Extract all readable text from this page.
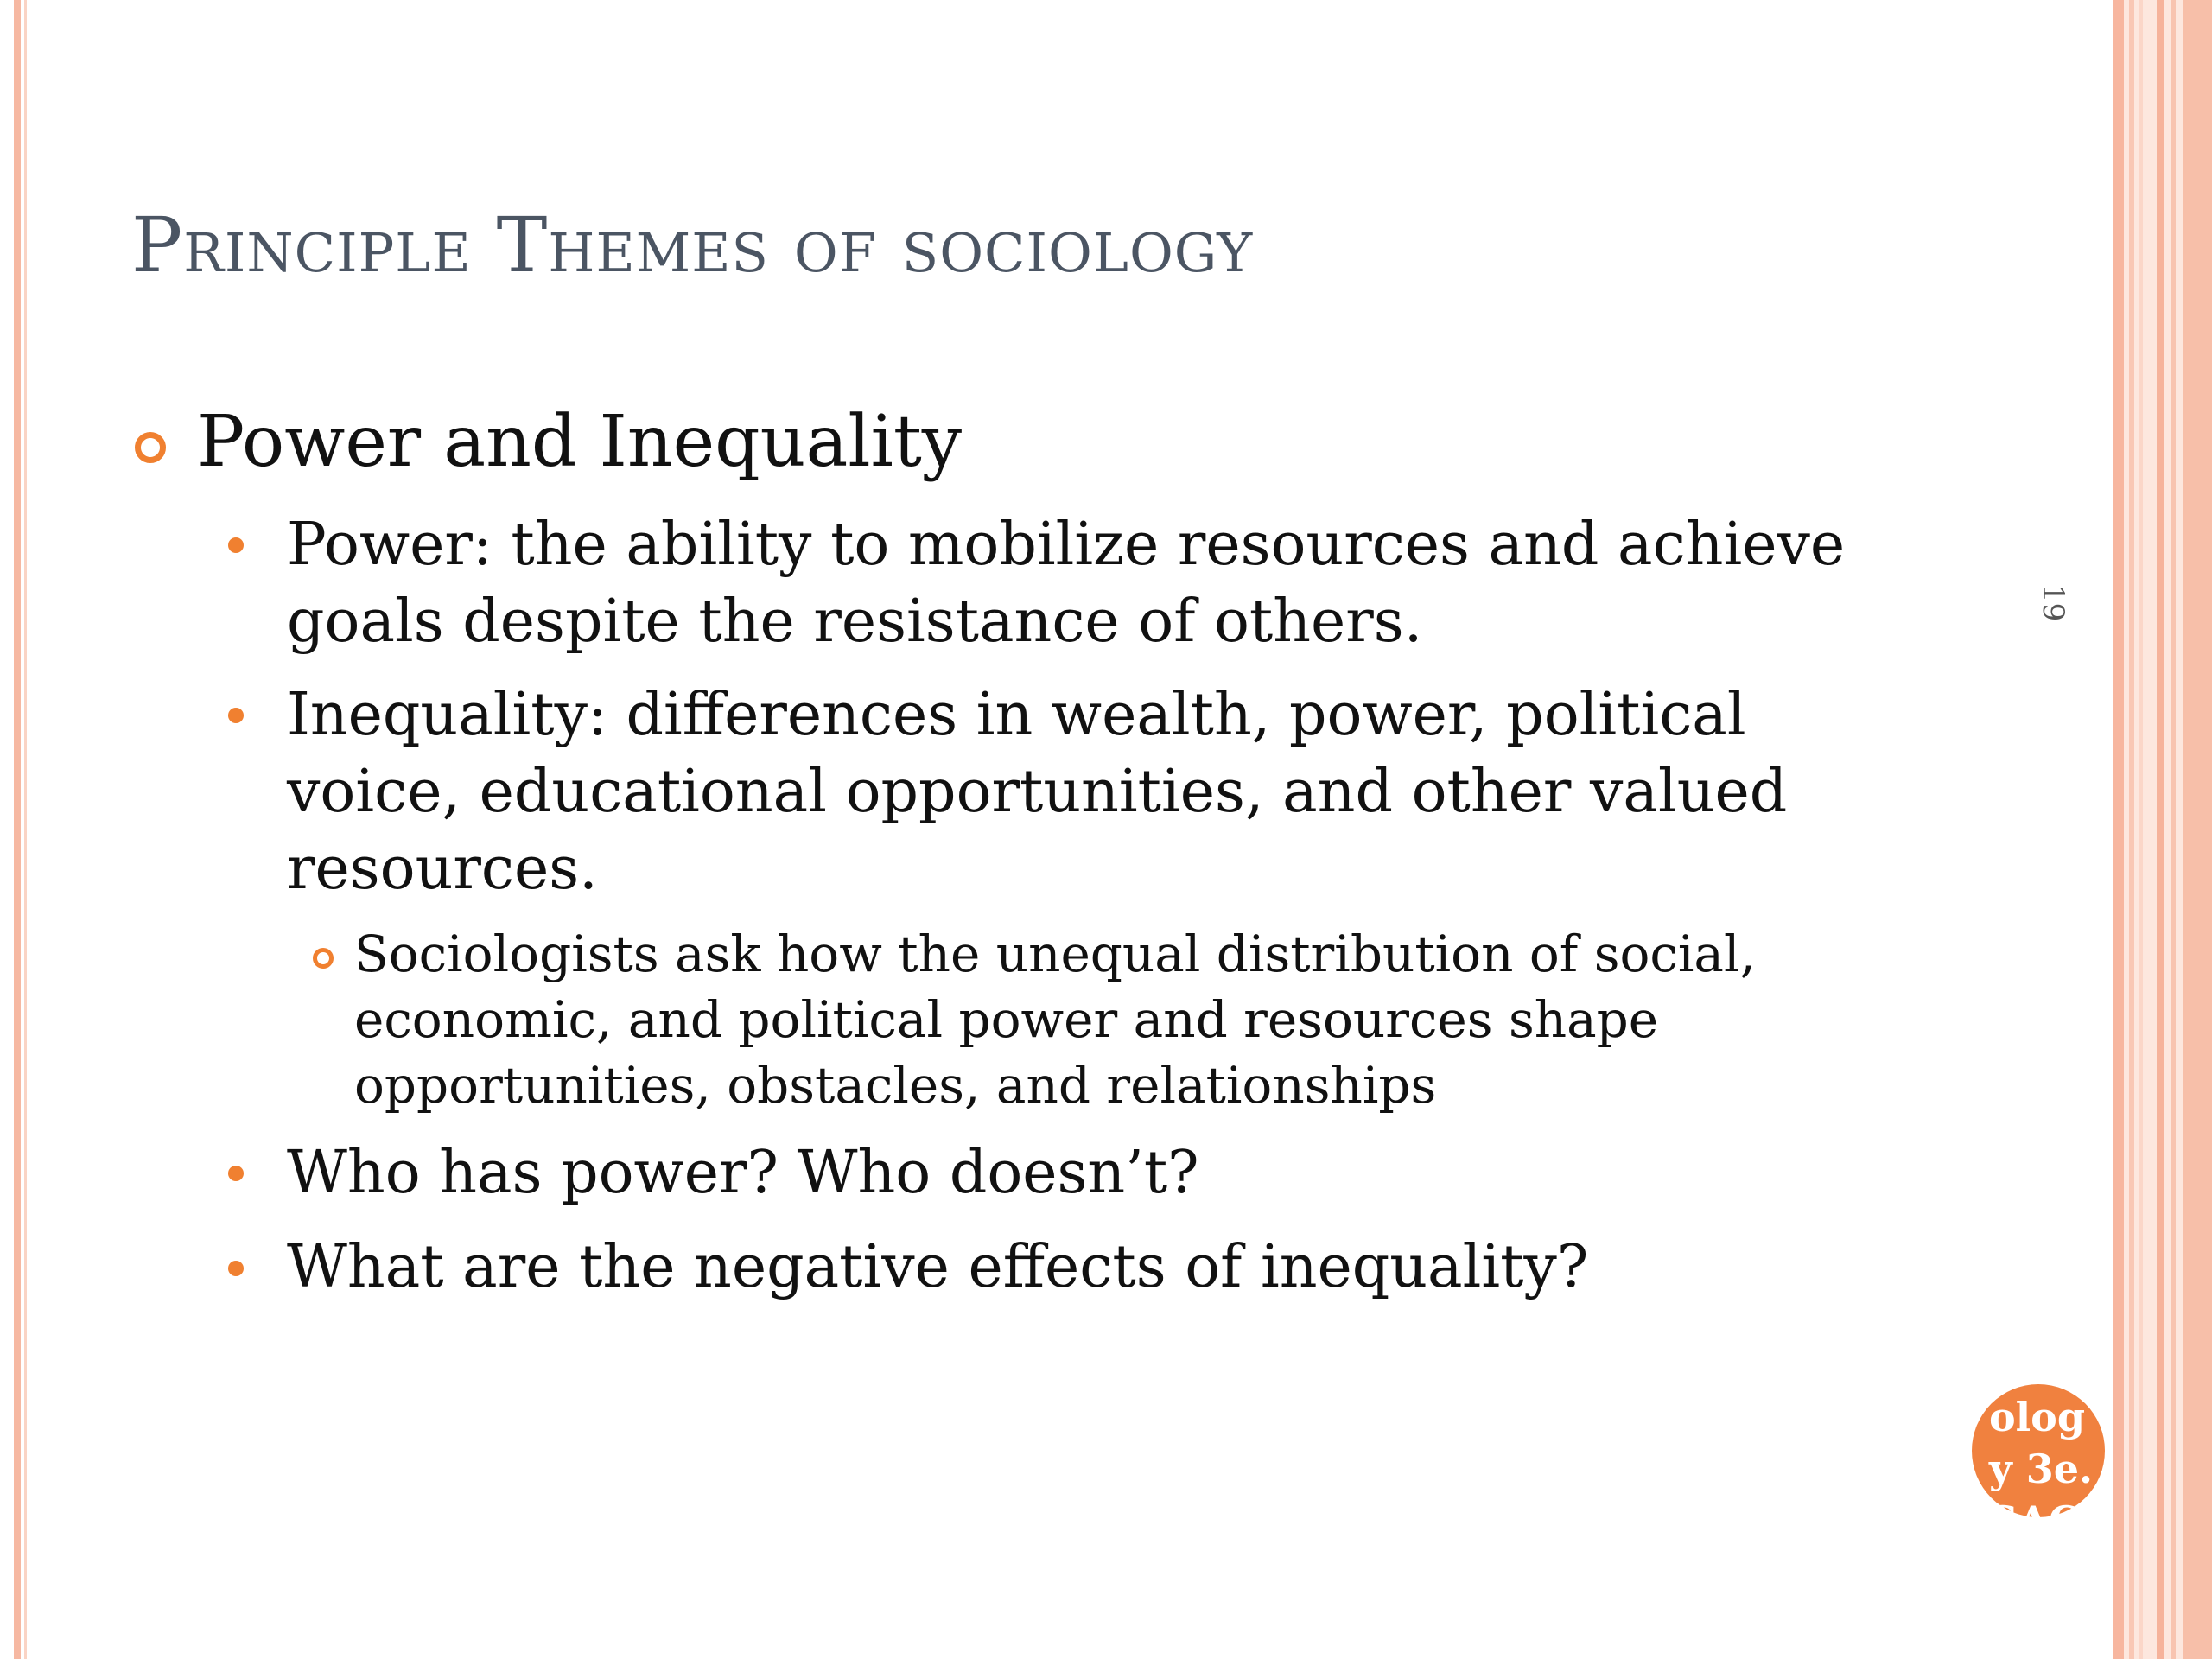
Principle Themes of sociology
19
olog
y 3e.
SAC
Power and Inequality
Power: the ability to mobilize resources and achieve
goals despite the resistance of others.
Inequality: differences in wealth, power, political
voice, educational opportunities, and other valued
resources.
Sociologists ask how the unequal distribution of social,
economic, and political power and resources shape
opportunities, obstacles, and relationships
Who has power? Who doesn’t?
What are the negative effects of inequality?
